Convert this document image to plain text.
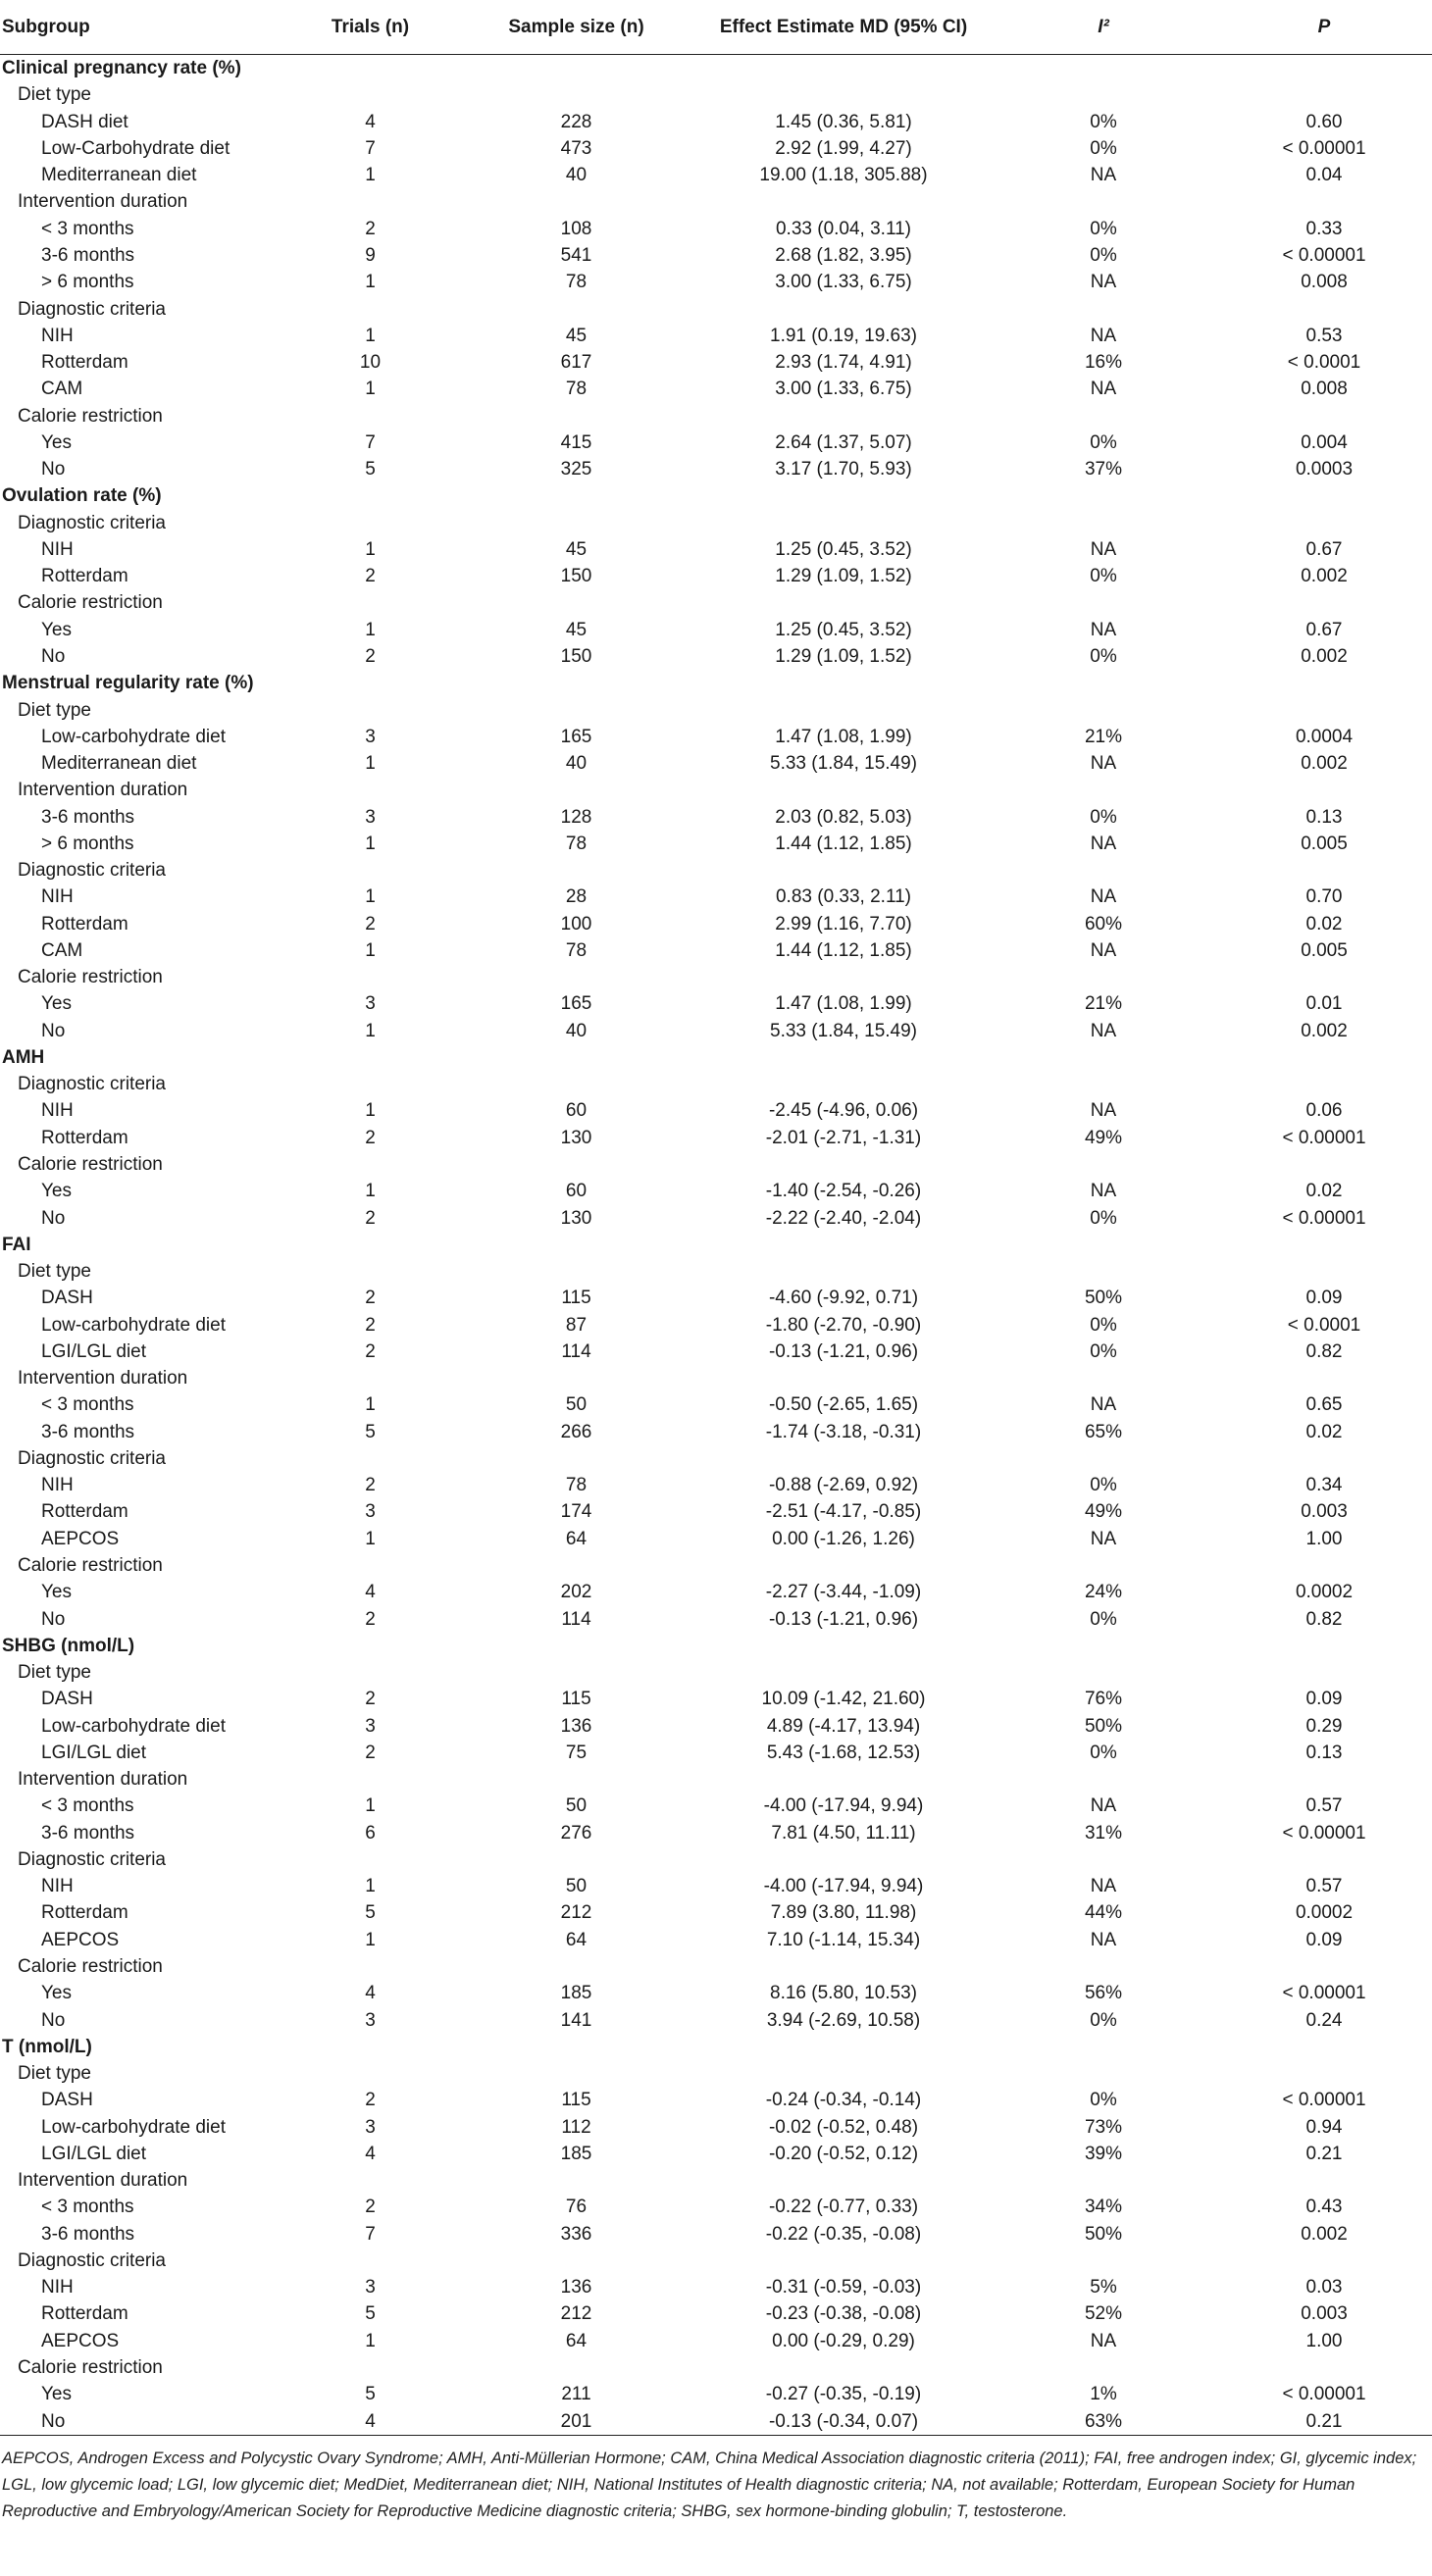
Subgroup	Trials (n)	Sample size (n)	Effect Estimate MD (95% CI)	I²	P
Clinical pregnancy rate (%)					
Diet type					
DASH diet	4	228	1.45 (0.36, 5.81)	0%	0.60
Low-Carbohydrate diet	7	473	2.92 (1.99, 4.27)	0%	< 0.00001
Mediterranean diet	1	40	19.00 (1.18, 305.88)	NA	0.04
Intervention duration					
< 3 months	2	108	0.33 (0.04, 3.11)	0%	0.33
3-6 months	9	541	2.68 (1.82, 3.95)	0%	< 0.00001
> 6 months	1	78	3.00 (1.33, 6.75)	NA	0.008
Diagnostic criteria					
NIH	1	45	1.91 (0.19, 19.63)	NA	0.53
Rotterdam	10	617	2.93 (1.74, 4.91)	16%	< 0.0001
CAM	1	78	3.00 (1.33, 6.75)	NA	0.008
Calorie restriction					
Yes	7	415	2.64 (1.37, 5.07)	0%	0.004
No	5	325	3.17 (1.70, 5.93)	37%	0.0003
Ovulation rate (%)					
Diagnostic criteria					
NIH	1	45	1.25 (0.45, 3.52)	NA	0.67
Rotterdam	2	150	1.29 (1.09, 1.52)	0%	0.002
Calorie restriction					
Yes	1	45	1.25 (0.45, 3.52)	NA	0.67
No	2	150	1.29 (1.09, 1.52)	0%	0.002
Menstrual regularity rate (%)					
Diet type					
Low-carbohydrate diet	3	165	1.47 (1.08, 1.99)	21%	0.0004
Mediterranean diet	1	40	5.33 (1.84, 15.49)	NA	0.002
Intervention duration					
3-6 months	3	128	2.03 (0.82, 5.03)	0%	0.13
> 6 months	1	78	1.44 (1.12, 1.85)	NA	0.005
Diagnostic criteria					
NIH	1	28	0.83 (0.33, 2.11)	NA	0.70
Rotterdam	2	100	2.99 (1.16, 7.70)	60%	0.02
CAM	1	78	1.44 (1.12, 1.85)	NA	0.005
Calorie restriction					
Yes	3	165	1.47 (1.08, 1.99)	21%	0.01
No	1	40	5.33 (1.84, 15.49)	NA	0.002
AMH					
Diagnostic criteria					
NIH	1	60	-2.45 (-4.96, 0.06)	NA	0.06
Rotterdam	2	130	-2.01 (-2.71, -1.31)	49%	< 0.00001
Calorie restriction					
Yes	1	60	-1.40 (-2.54, -0.26)	NA	0.02
No	2	130	-2.22 (-2.40, -2.04)	0%	< 0.00001
FAI					
Diet type					
DASH	2	115	-4.60 (-9.92, 0.71)	50%	0.09
Low-carbohydrate diet	2	87	-1.80 (-2.70, -0.90)	0%	< 0.0001
LGI/LGL diet	2	114	-0.13 (-1.21, 0.96)	0%	0.82
Intervention duration					
< 3 months	1	50	-0.50 (-2.65, 1.65)	NA	0.65
3-6 months	5	266	-1.74 (-3.18, -0.31)	65%	0.02
Diagnostic criteria					
NIH	2	78	-0.88 (-2.69, 0.92)	0%	0.34
Rotterdam	3	174	-2.51 (-4.17, -0.85)	49%	0.003
AEPCOS	1	64	0.00 (-1.26, 1.26)	NA	1.00
Calorie restriction					
Yes	4	202	-2.27 (-3.44, -1.09)	24%	0.0002
No	2	114	-0.13 (-1.21, 0.96)	0%	0.82
SHBG (nmol/L)					
Diet type					
DASH	2	115	10.09 (-1.42, 21.60)	76%	0.09
Low-carbohydrate diet	3	136	4.89 (-4.17, 13.94)	50%	0.29
LGI/LGL diet	2	75	5.43 (-1.68, 12.53)	0%	0.13
Intervention duration					
< 3 months	1	50	-4.00 (-17.94, 9.94)	NA	0.57
3-6 months	6	276	7.81 (4.50, 11.11)	31%	< 0.00001
Diagnostic criteria					
NIH	1	50	-4.00 (-17.94, 9.94)	NA	0.57
Rotterdam	5	212	7.89 (3.80, 11.98)	44%	0.0002
AEPCOS	1	64	7.10 (-1.14, 15.34)	NA	0.09
Calorie restriction					
Yes	4	185	8.16 (5.80, 10.53)	56%	< 0.00001
No	3	141	3.94 (-2.69, 10.58)	0%	0.24
T (nmol/L)					
Diet type					
DASH	2	115	-0.24 (-0.34, -0.14)	0%	< 0.00001
Low-carbohydrate diet	3	112	-0.02 (-0.52, 0.48)	73%	0.94
LGI/LGL diet	4	185	-0.20 (-0.52, 0.12)	39%	0.21
Intervention duration					
< 3 months	2	76	-0.22 (-0.77, 0.33)	34%	0.43
3-6 months	7	336	-0.22 (-0.35, -0.08)	50%	0.002
Diagnostic criteria					
NIH	3	136	-0.31 (-0.59, -0.03)	5%	0.03
Rotterdam	5	212	-0.23 (-0.38, -0.08)	52%	0.003
AEPCOS	1	64	0.00 (-0.29, 0.29)	NA	1.00
Calorie restriction					
Yes	5	211	-0.27 (-0.35, -0.19)	1%	< 0.00001
No	4	201	-0.13 (-0.34, 0.07)	63%	0.21
AEPCOS, Androgen Excess and Polycystic Ovary Syndrome; AMH, Anti-Müllerian Hormone; CAM, China Medical Association diagnostic criteria (2011); FAI, free androgen index; GI, glycemic index; LGL, low glycemic load; LGI, low glycemic diet; MedDiet, Mediterranean diet; NIH, National Institutes of Health diagnostic criteria; NA, not available; Rotterdam, European Society for Human Reproductive and Embryology/American Society for Reproductive Medicine diagnostic criteria; SHBG, sex hormone-binding globulin; T, testosterone.
